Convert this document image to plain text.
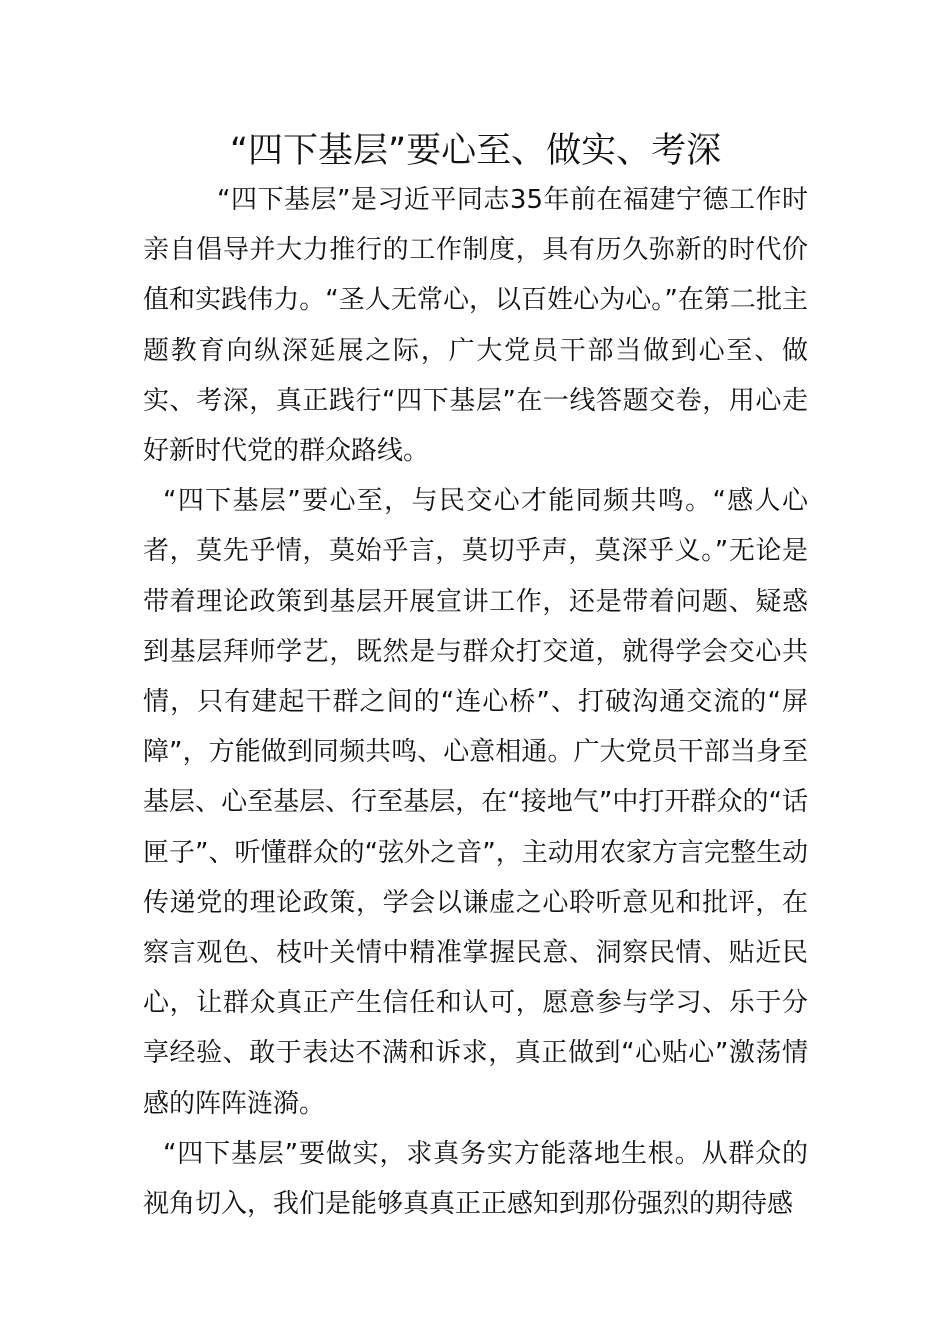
“四下基层”要心至、做实、考深

“四下基层”是习近平同志35年前在福建宁德工作时亲自倡导并大力推行的工作制度，具有历久弥新的时代价值和实践伟力。“圣人无常心，以百姓心为心。”在第二批主题教育向纵深延展之际，广大党员干部当做到心至、做实、考深，真正践行“四下基层”在一线答题交卷，用心走好新时代党的群众路线。

“四下基层”要心至，与民交心才能同频共鸣。“感人心者，莫先乎情，莫始乎言，莫切乎声，莫深乎义。”无论是带着理论政策到基层开展宣讲工作，还是带着问题、疑惑到基层拜师学艺，既然是与群众打交道，就得学会交心共情，只有建起干群之间的“连心桥”、打破沟通交流的“屏障”，方能做到同频共鸣、心意相通。广大党员干部当身至基层、心至基层、行至基层，在“接地气”中打开群众的“话匣子”、听懂群众的“弦外之音”，主动用农家方言完整生动传递党的理论政策，学会以谦虚之心聆听意见和批评，在察言观色、枝叶关情中精准掌握民意、洞察民情、贴近民心，让群众真正产生信任和认可，愿意参与学习、乐于分享经验、敢于表达不满和诉求，真正做到“心贴心”激荡情感的阵阵涟漪。

“四下基层”要做实，求真务实方能落地生根。从群众的视角切入，我们是能够真真正正感知到那份强烈的期待感
